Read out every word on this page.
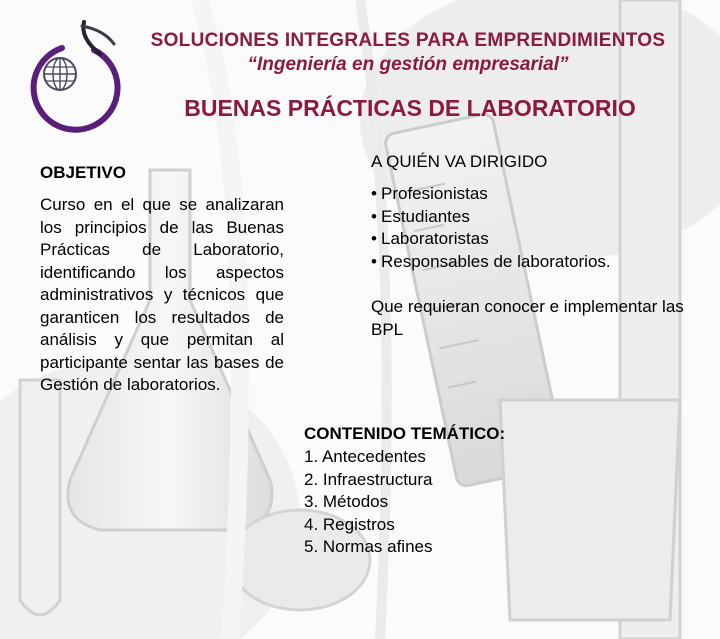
SOLUCIONES INTEGRALES PARA EMPRENDIMIENTOS
“Ingeniería en gestión empresarial”
BUENAS PRÁCTICAS DE LABORATORIO
OBJETIVO
Curso en el que se analizaran los principios de las Buenas Prácticas de Laboratorio, identificando los aspectos administrativos y técnicos que garanticen los resultados de análisis y que permitan al participante sentar las bases de Gestión de laboratorios.
A QUIÉN VA DIRIGIDO
• Profesionistas
• Estudiantes
• Laboratoristas
• Responsables de laboratorios.
Que requieran conocer e implementar las BPL
CONTENIDO TEMÁTICO:
1. Antecedentes
2. Infraestructura
3. Métodos
4. Registros
5. Normas afines
